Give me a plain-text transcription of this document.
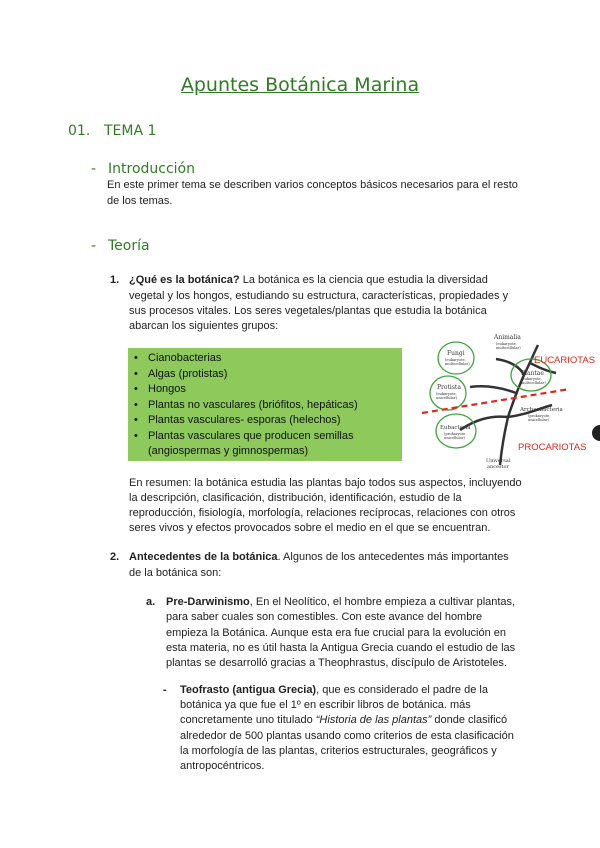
Apuntes Botánica Marina
01. TEMA 1
- Introducción
En este primer tema se describen varios conceptos básicos necesarios para el resto
de los temas.
- Teoría
1. ¿Qué es la botánica? La botánica es la ciencia que estudia la diversidad
vegetal y los hongos, estudiando su estructura, características, propiedades y
sus procesos vitales. Los seres vegetales/plantas que estudia la botánica
abarcan los siguientes grupos:
• Cianobacterias
• Algas (protistas)
• Hongos
• Plantas no vasculares (briófitos, hepáticas)
• Plantas vasculares- esporas (helechos)
• Plantas vasculares que producen semillas
(angiospermas y gimnospermas)
Animalia
(eukaryote,
multicellular)
Fungi
(eukaryote,
multicellular)
Plantae
(eukaryote,
multicellular)
Protista
(eukaryote,
unicellular)
Archaebacteria
(prokaryote,
unicellular)
Eubacteria
(prokaryote,
unicellular)
Universal
ancestor
EUCARIOTAS
PROCARIOTAS
En resumen: la botánica estudia las plantas bajo todos sus aspectos, incluyendo
la descripción, clasificación, distribución, identificación, estudio de la
reproducción, fisiología, morfología, relaciones recíprocas, relaciones con otros
seres vivos y efectos provocados sobre el medio en el que se encuentran.
2. Antecedentes de la botánica. Algunos de los antecedentes más importantes
de la botánica son:
a. Pre-Darwinismo, En el Neolítico, el hombre empieza a cultivar plantas,
para saber cuales son comestibles. Con este avance del hombre
empieza la Botánica. Aunque esta era fue crucial para la evolución en
esta materia, no es útil hasta la Antigua Grecia cuando el estudio de las
plantas se desarrolló gracias a Theophrastus, discípulo de Aristoteles.
- Teofrasto (antigua Grecia), que es considerado el padre de la
botánica ya que fue el 1º en escribir libros de botánica. más
concretamente uno titulado “Historia de las plantas” donde clasificó
alrededor de 500 plantas usando como criterios de esta clasificación
la morfología de las plantas, criterios estructurales, geográficos y
antropocéntricos.
